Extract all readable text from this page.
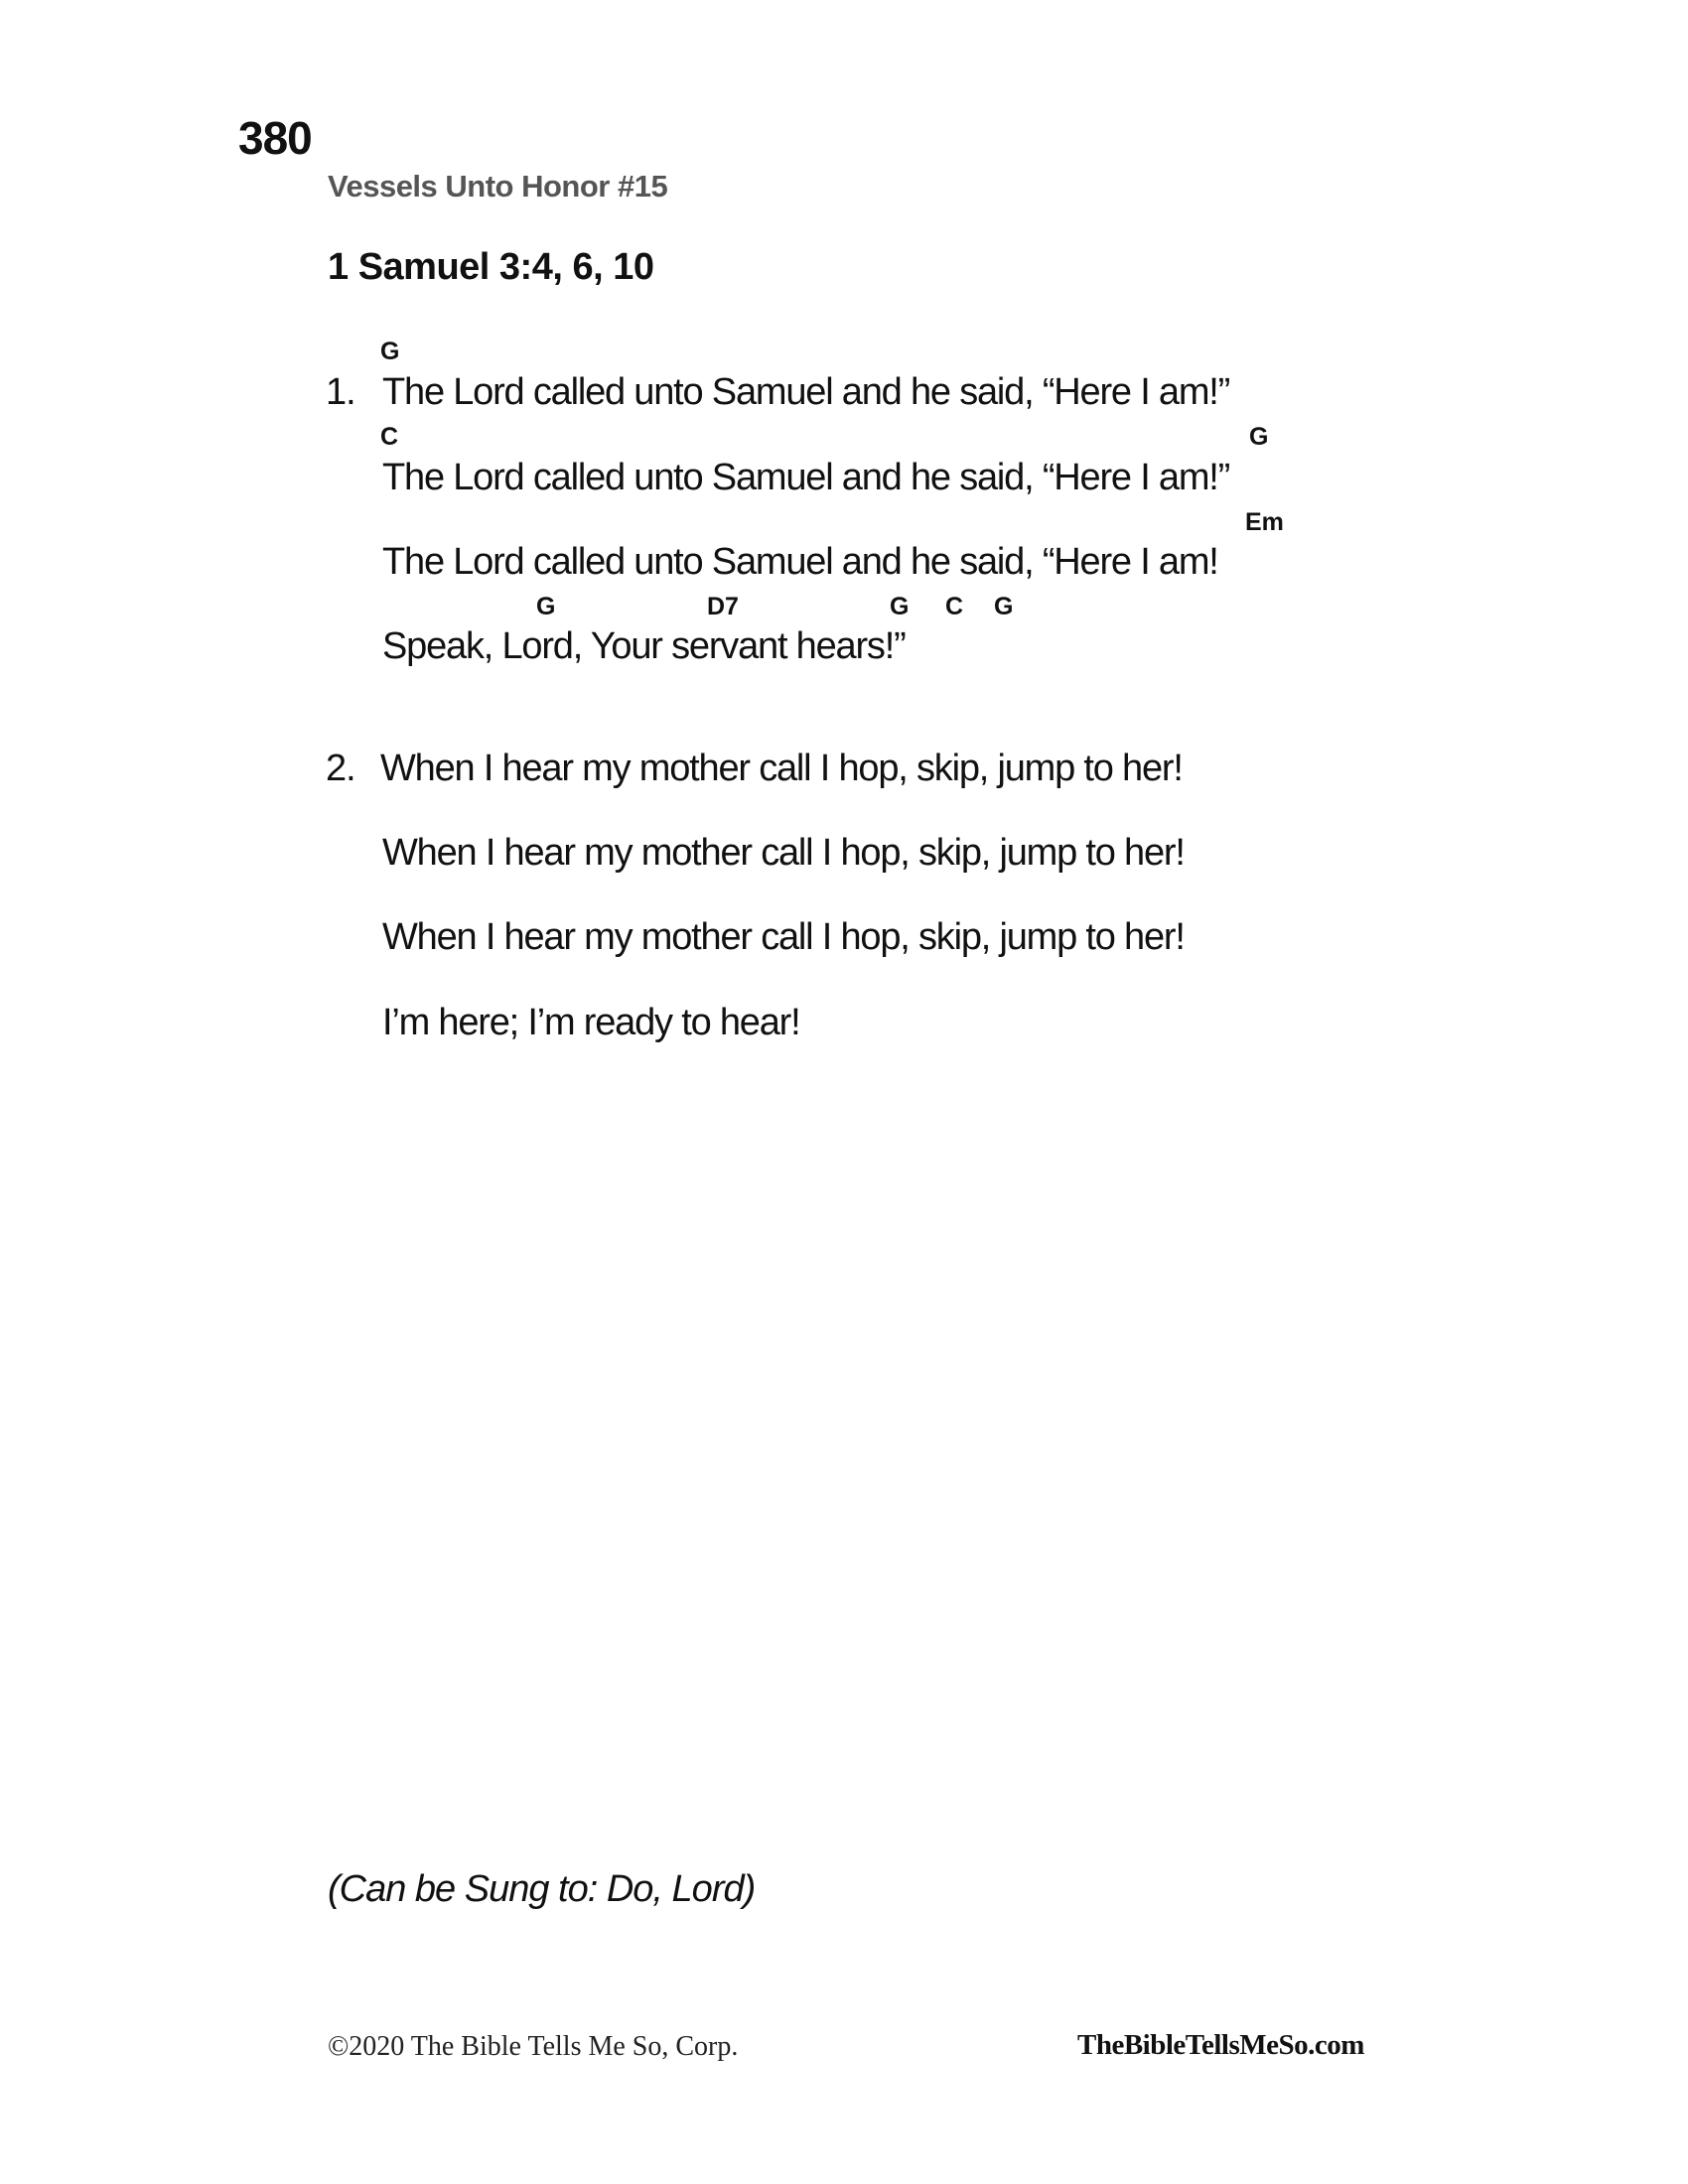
380
Vessels Unto Honor #15
1 Samuel 3:4, 6, 10
G
1. The Lord called unto Samuel and he said, “Here I am!”
C	G
The Lord called unto Samuel and he said, “Here I am!”
Em
The Lord called unto Samuel and he said, “Here I am!
G	D7	G C G
Speak, Lord, Your servant hears!”
2. When I hear my mother call I hop, skip, jump to her!
When I hear my mother call I hop, skip, jump to her!
When I hear my mother call I hop, skip, jump to her!
I’m here; I’m ready to hear!
(Can be Sung to: Do, Lord)
©2020 The Bible Tells Me So, Corp.	TheBibleTellsMeSo.com
